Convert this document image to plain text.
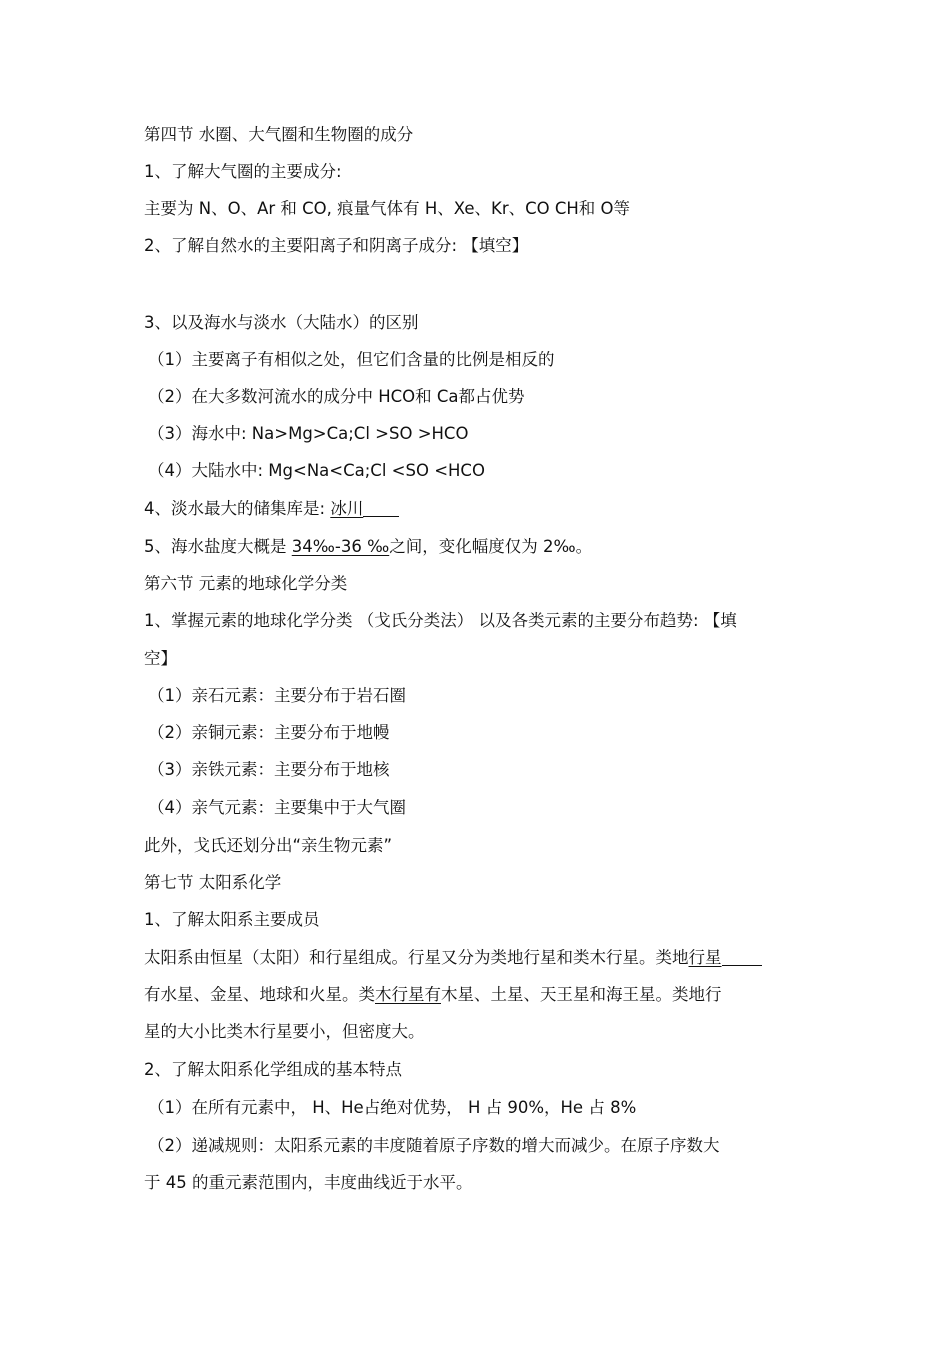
第四节 水圈、大气圈和生物圈的成分
1、了解大气圈的主要成分:
主要为 N、O、Ar 和 CO, 痕量气体有 H、Xe、Kr、CO CH和 O等
2、了解自然水的主要阳离子和阴离子成分: 【填空】
3、以及海水与淡水（大陆水）的区别
（1）主要离子有相似之处，但它们含量的比例是相反的
（2）在大多数河流水的成分中 HCO和 Ca都占优势
（3）海水中: Na>Mg>Ca;Cl >SO >HCO
（4）大陆水中: Mg<Na<Ca;Cl <SO <HCO
4、淡水最大的储集库是: 冰川
5、海水盐度大概是 34‰-36 ‰之间，变化幅度仅为 2‰。
第六节 元素的地球化学分类
1、掌握元素的地球化学分类 （戈氏分类法） 以及各类元素的主要分布趋势: 【填
空】
（1）亲石元素：主要分布于岩石圈
（2）亲铜元素：主要分布于地幔
（3）亲铁元素：主要分布于地核
（4）亲气元素：主要集中于大气圈
此外，戈氏还划分出“亲生物元素”
第七节 太阳系化学
1、了解太阳系主要成员
太阳系由恒星（太阳）和行星组成。行星又分为类地行星和类木行星。类地行星
有水星、金星、地球和火星。类木行星有木星、土星、天王星和海王星。类地行
星的大小比类木行星要小，但密度大。
2、了解太阳系化学组成的基本特点
（1）在所有元素中， H、He占绝对优势， H 占 90%，He 占 8%
（2）递减规则：太阳系元素的丰度随着原子序数的增大而减少。在原子序数大
于 45 的重元素范围内，丰度曲线近于水平。
